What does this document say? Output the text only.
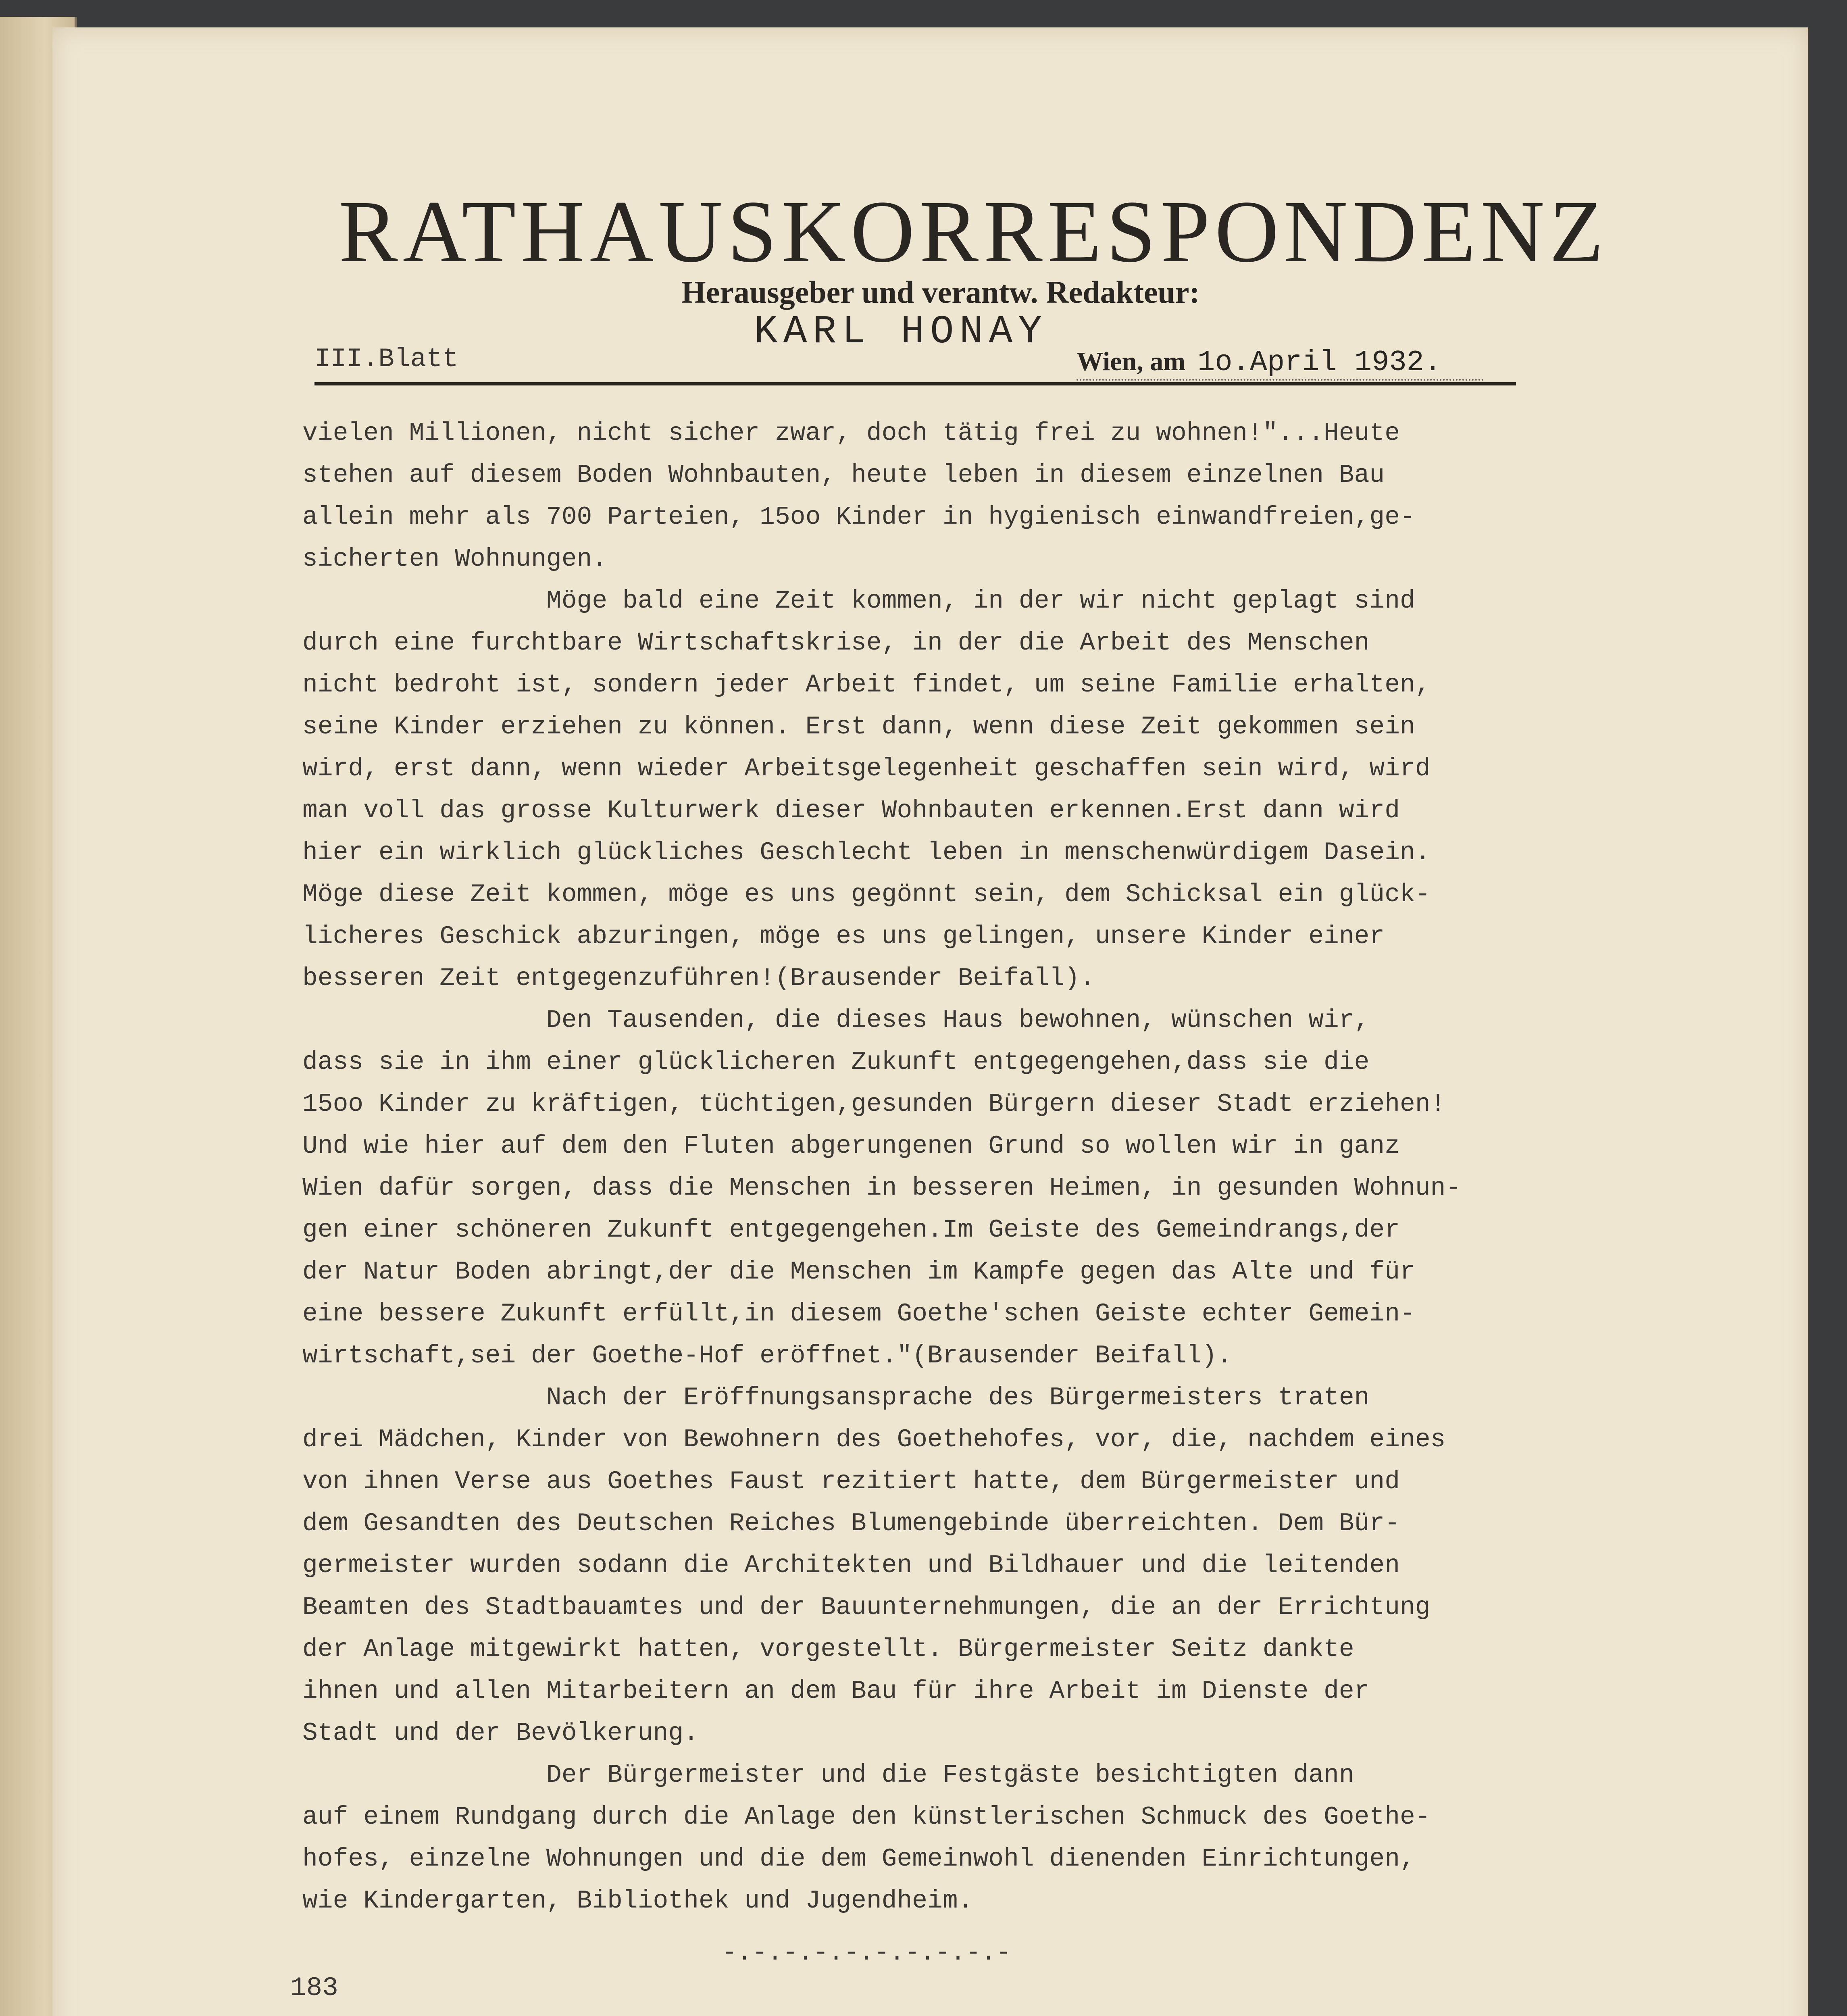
RATHAUSKORRESPONDENZ
Herausgeber und verantw. Redakteur:
KARL HONAY
III.Blatt	Wien, am 1o.April 1932.

vielen Millionen, nicht sicher zwar, doch tätig frei zu wohnen!"...Heute
stehen auf diesem Boden Wohnbauten, heute leben in diesem einzelnen Bau
allein mehr als 700 Parteien, 15oo Kinder in hygienisch einwandfreien,ge-
sicherten Wohnungen.

Möge bald eine Zeit kommen, in der wir nicht geplagt sind
durch eine furchtbare Wirtschaftskrise, in der die Arbeit des Menschen
nicht bedroht ist, sondern jeder Arbeit findet, um seine Familie erhalten,
seine Kinder erziehen zu können. Erst dann, wenn diese Zeit gekommen sein
wird, erst dann, wenn wieder Arbeitsgelegenheit geschaffen sein wird, wird
man voll das grosse Kulturwerk dieser Wohnbauten erkennen.Erst dann wird
hier ein wirklich glückliches Geschlecht leben in menschenwürdigem Dasein.
Möge diese Zeit kommen, möge es uns gegönnt sein, dem Schicksal ein glück-
licheres Geschick abzuringen, möge es uns gelingen, unsere Kinder einer
besseren Zeit entgegenzuführen!(Brausender Beifall).

Den Tausenden, die dieses Haus bewohnen, wünschen wir,
dass sie in ihm einer glücklicheren Zukunft entgegengehen,dass sie die
15oo Kinder zu kräftigen, tüchtigen,gesunden Bürgern dieser Stadt erziehen!
Und wie hier auf dem den Fluten abgerungenen Grund so wollen wir in ganz
Wien dafür sorgen, dass die Menschen in besseren Heimen, in gesunden Wohnun-
gen einer schöneren Zukunft entgegengehen.Im Geiste des Gemeindrangs,der
der Natur Boden abringt,der die Menschen im Kampfe gegen das Alte und für
eine bessere Zukunft erfüllt,in diesem Goethe'schen Geiste echter Gemein-
wirtschaft,sei der Goethe-Hof eröffnet."(Brausender Beifall).

Nach der Eröffnungsansprache des Bürgermeisters traten
drei Mädchen, Kinder von Bewohnern des Goethehofes, vor, die, nachdem eines
von ihnen Verse aus Goethes Faust rezitiert hatte, dem Bürgermeister und
dem Gesandten des Deutschen Reiches Blumengebinde überreichten. Dem Bür-
germeister wurden sodann die Architekten und Bildhauer und die leitenden
Beamten des Stadtbauamtes und der Bauunternehmungen, die an der Errichtung
der Anlage mitgewirkt hatten, vorgestellt. Bürgermeister Seitz dankte
ihnen und allen Mitarbeitern an dem Bau für ihre Arbeit im Dienste der
Stadt und der Bevölkerung.

Der Bürgermeister und die Festgäste besichtigten dann
auf einem Rundgang durch die Anlage den künstlerischen Schmuck des Goethe-
hofes, einzelne Wohnungen und die dem Gemeinwohl dienenden Einrichtungen,
wie Kindergarten, Bibliothek und Jugendheim.

-.-.-.-.-.-.-.-.-.-
183
